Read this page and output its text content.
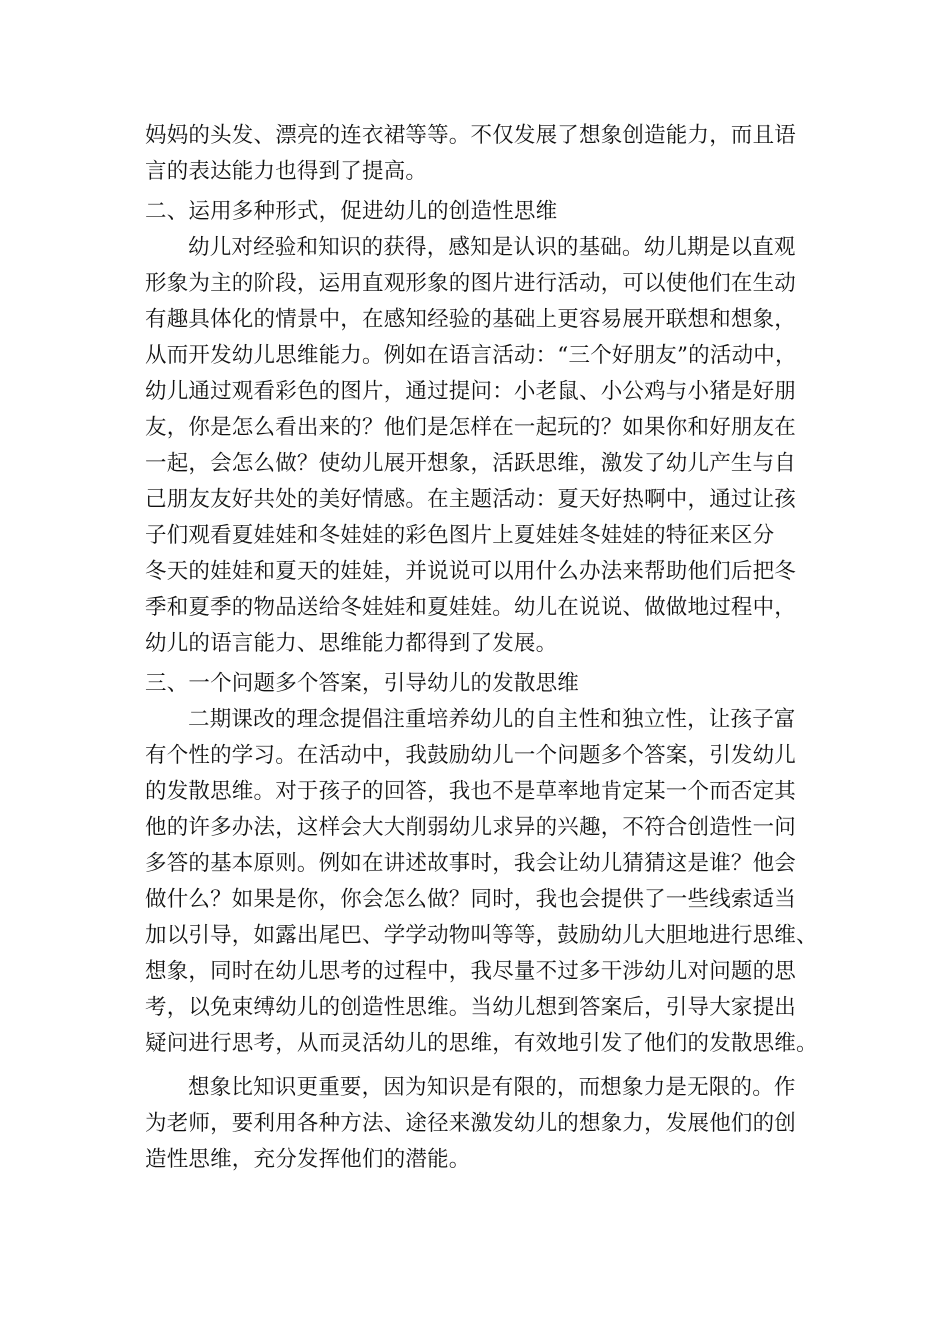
妈妈的头发、漂亮的连衣裙等等。不仅发展了想象创造能力，而且语
言的表达能力也得到了提高。
二、运用多种形式，促进幼儿的创造性思维
幼儿对经验和知识的获得，感知是认识的基础。幼儿期是以直观
形象为主的阶段，运用直观形象的图片进行活动，可以使他们在生动
有趣具体化的情景中，在感知经验的基础上更容易展开联想和想象，
从而开发幼儿思维能力。例如在语言活动：“三个好朋友”的活动中，
幼儿通过观看彩色的图片，通过提问：小老鼠、小公鸡与小猪是好朋
友，你是怎么看出来的？他们是怎样在一起玩的？如果你和好朋友在
一起，会怎么做？使幼儿展开想象，活跃思维，激发了幼儿产生与自
己朋友友好共处的美好情感。在主题活动：夏天好热啊中，通过让孩
子们观看夏娃娃和冬娃娃的彩色图片上夏娃娃冬娃娃的特征来区分
冬天的娃娃和夏天的娃娃，并说说可以用什么办法来帮助他们后把冬
季和夏季的物品送给冬娃娃和夏娃娃。幼儿在说说、做做地过程中，
幼儿的语言能力、思维能力都得到了发展。
三、一个问题多个答案，引导幼儿的发散思维
二期课改的理念提倡注重培养幼儿的自主性和独立性，让孩子富
有个性的学习。在活动中，我鼓励幼儿一个问题多个答案，引发幼儿
的发散思维。对于孩子的回答，我也不是草率地肯定某一个而否定其
他的许多办法，这样会大大削弱幼儿求异的兴趣，不符合创造性一问
多答的基本原则。例如在讲述故事时，我会让幼儿猜猜这是谁？他会
做什么？如果是你，你会怎么做？同时，我也会提供了一些线索适当
加以引导，如露出尾巴、学学动物叫等等，鼓励幼儿大胆地进行思维、
想象，同时在幼儿思考的过程中，我尽量不过多干涉幼儿对问题的思
考，以免束缚幼儿的创造性思维。当幼儿想到答案后，引导大家提出
疑问进行思考，从而灵活幼儿的思维，有效地引发了他们的发散思维。
想象比知识更重要，因为知识是有限的，而想象力是无限的。作
为老师，要利用各种方法、途径来激发幼儿的想象力，发展他们的创
造性思维，充分发挥他们的潜能。
